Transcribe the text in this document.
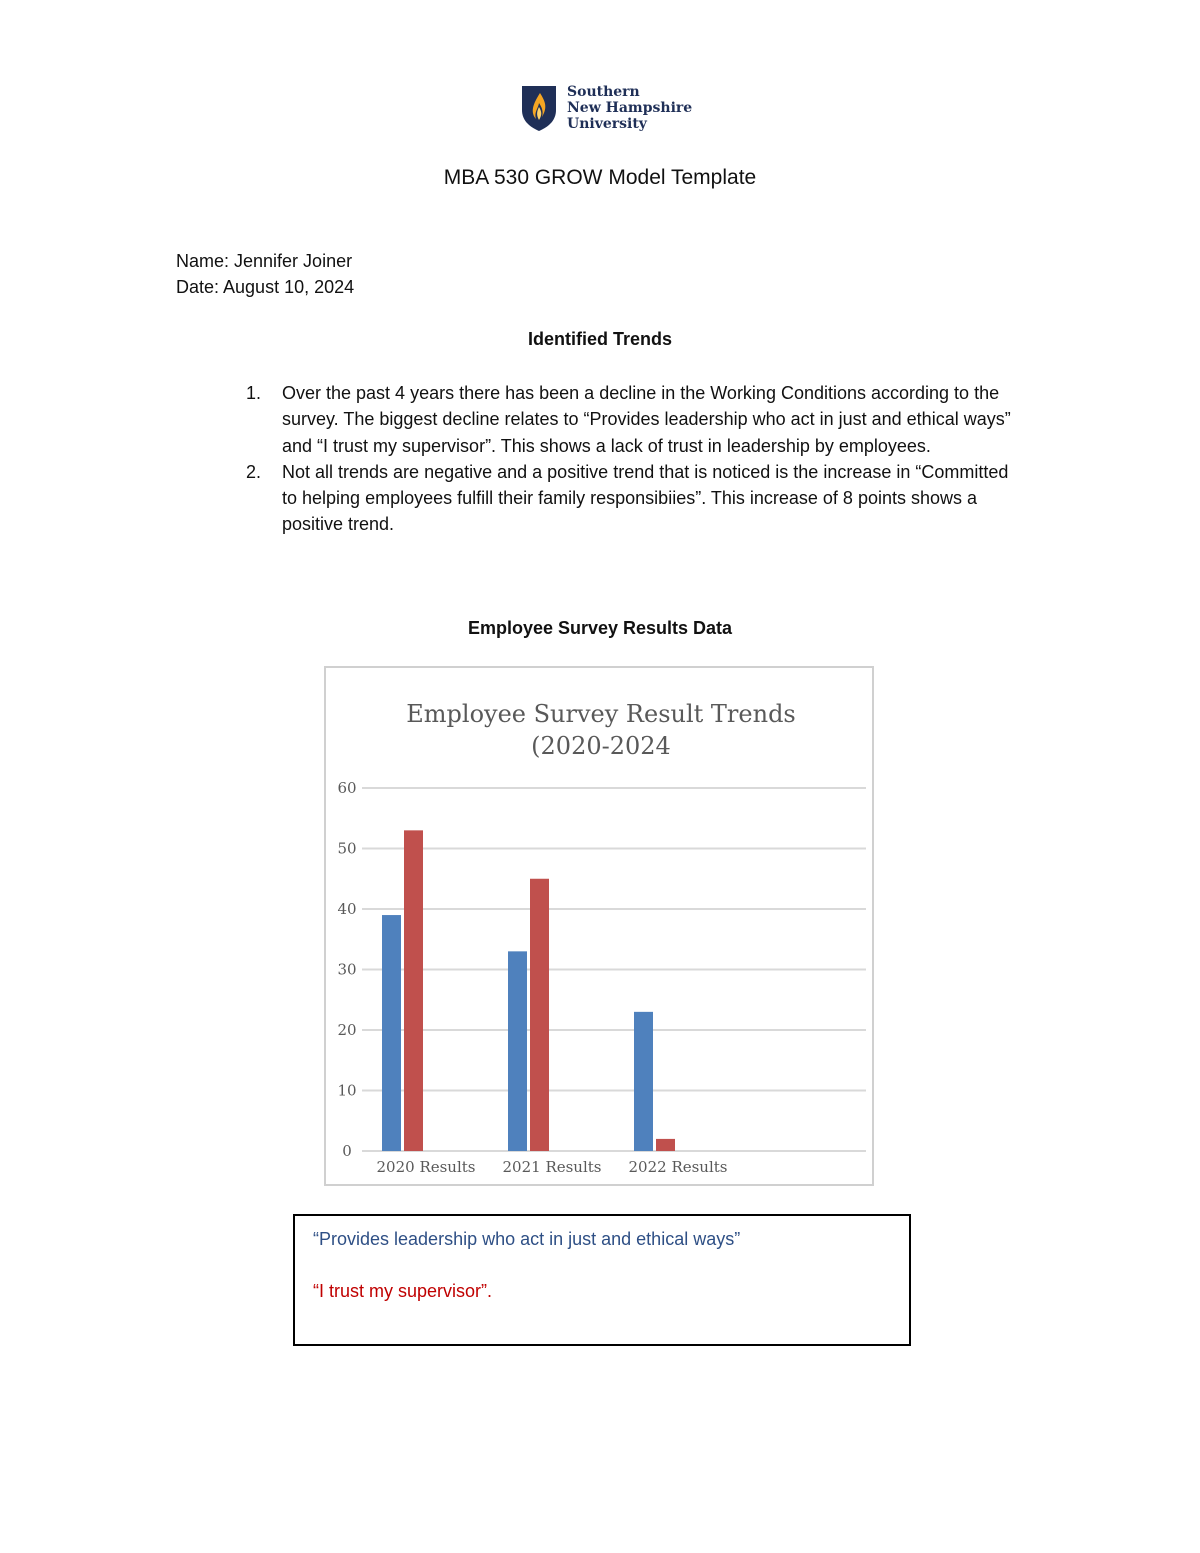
Southern
New Hampshire
University
MBA 530 GROW Model Template
Name: Jennifer Joiner
Date: August 10, 2024
Identified Trends
1. Over the past 4 years there has been a decline in the Working Conditions according to the survey. The biggest decline relates to “Provides leadership who act in just and ethical ways” and “I trust my supervisor”. This shows a lack of trust in leadership by employees.
2. Not all trends are negative and a positive trend that is noticed is the increase in “Committed to helping employees fulfill their family responsibiies”. This increase of 8 points shows a positive trend.
Employee Survey Results Data
Employee Survey Result Trends
(2020-2024
0
10
20
30
40
50
60
2020 Results 2021 Results 2022 Results
“Provides leadership who act in just and ethical ways”
“I trust my supervisor”.
